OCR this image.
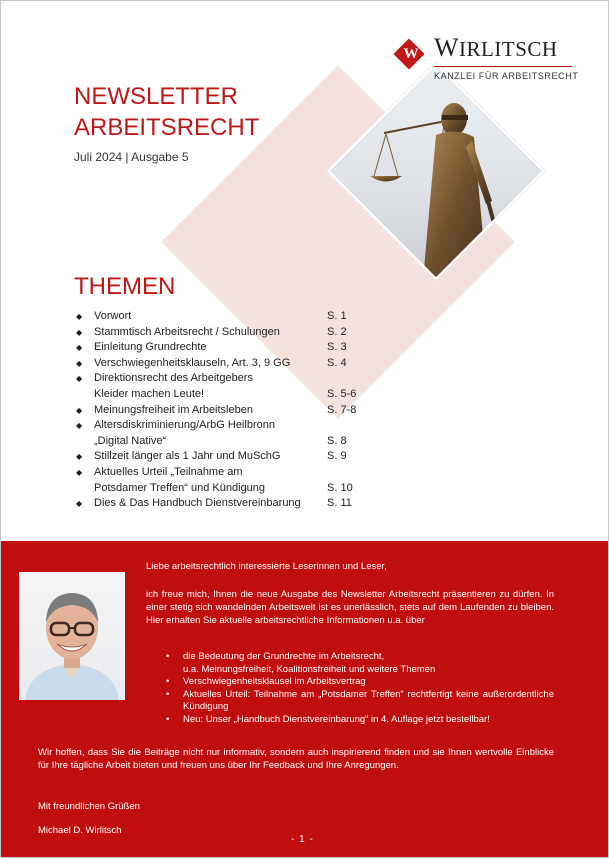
W WIRLITSCH
KANZLEI FÜR ARBEITSRECHT
NEWSLETTER
ARBEITSRECHT
Juli 2024 | Ausgabe 5
THEMEN
◆ Vorwort	S. 1
◆ Stammtisch Arbeitsrecht / Schulungen	S. 2
◆ Einleitung Grundrechte	S. 3
◆ Verschwiegenheitsklauseln, Art. 3, 9 GG	S. 4
◆ Direktionsrecht des Arbeitgebers
Kleider machen Leute!	S. 5-6
◆ Meinungsfreiheit im Arbeitsleben	S. 7-8
◆ Altersdiskriminierung/ArbG Heilbronn
„Digital Native“	S. 8
◆ Stillzeit länger als 1 Jahr und MuSchG	S. 9
◆ Aktuelles Urteil „Teilnahme am
Potsdamer Treffen“ und Kündigung	S. 10
◆ Dies & Das Handbuch Dienstvereinbarung S. 11
Liebe arbeitsrechtlich interessierte Leserinnen und Leser,

ich freue mich, Ihnen die neue Ausgabe des Newsletter Arbeitsrecht präsentieren zu dürfen. In einer stetig sich wandelnden Arbeitswelt ist es unerlässlich, stets auf dem Laufenden zu bleiben. Hier erhalten Sie aktuelle arbeitsrechtliche Informationen u.a. über

• die Bedeutung der Grundrechte im Arbeitsrecht,
u.a. Meinungsfreiheit, Koalitionsfreiheit und weitere Themen
• Verschwiegenheitsklausel im Arbeitsvertrag
• Aktuelles Urteil: Teilnahme am „Potsdamer Treffen“ rechtfertigt keine außerordentliche Kündigung
• Neu: Unser „Handbuch Dienstvereinbarung“ in 4. Auflage jetzt bestellbar!

Wir hoffen, dass Sie die Beiträge nicht nur informativ, sondern auch inspirierend finden und sie Ihnen wertvolle Einblicke für Ihre tägliche Arbeit bieten und freuen uns über Ihr Feedback und Ihre Anregungen.

Mit freundlichen Grüßen
Michael D. Wirlitsch
- 1 -
